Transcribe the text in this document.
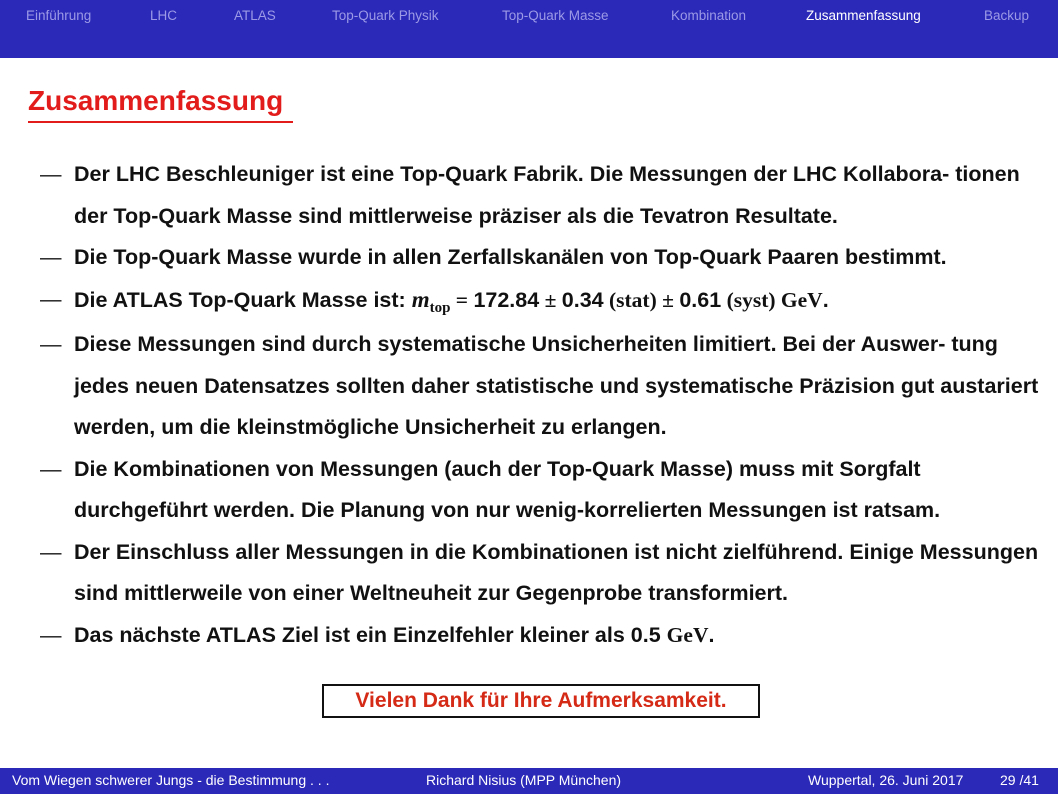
Einführung	LHC	ATLAS	Top-Quark Physik	Top-Quark Masse	Kombination	Zusammenfassung	Backup
Zusammenfassung
— Der LHC Beschleuniger ist eine Top-Quark Fabrik. Die Messungen der LHC Kollabora- tionen der Top-Quark Masse sind mittlerweise präziser als die Tevatron Resultate.
— Die Top-Quark Masse wurde in allen Zerfallskanälen von Top-Quark Paaren bestimmt.
— Die ATLAS Top-Quark Masse ist: $m_{top} = 172.84 \pm 0.34$ (stat) ± 0.61 (syst) GeV.
— Diese Messungen sind durch systematische Unsicherheiten limitiert. Bei der Auswer- tung jedes neuen Datensatzes sollten daher statistische und systematische Präzision gut austariert werden, um die kleinstmögliche Unsicherheit zu erlangen.
— Die Kombinationen von Messungen (auch der Top-Quark Masse) muss mit Sorgfalt durchgeführt werden. Die Planung von nur wenig-korrelierten Messungen ist ratsam.
— Der Einschluss aller Messungen in die Kombinationen ist nicht zielführend. Einige Messungen sind mittlerweile von einer Weltneuheit zur Gegenprobe transformiert.
— Das nächste ATLAS Ziel ist ein Einzelfehler kleiner als 0.5 GeV.
Vielen Dank für Ihre Aufmerksamkeit.
Vom Wiegen schwerer Jungs - die Bestimmung . . .	Richard Nisius (MPP München)	Wuppertal, 26. Juni 2017	29 /41
